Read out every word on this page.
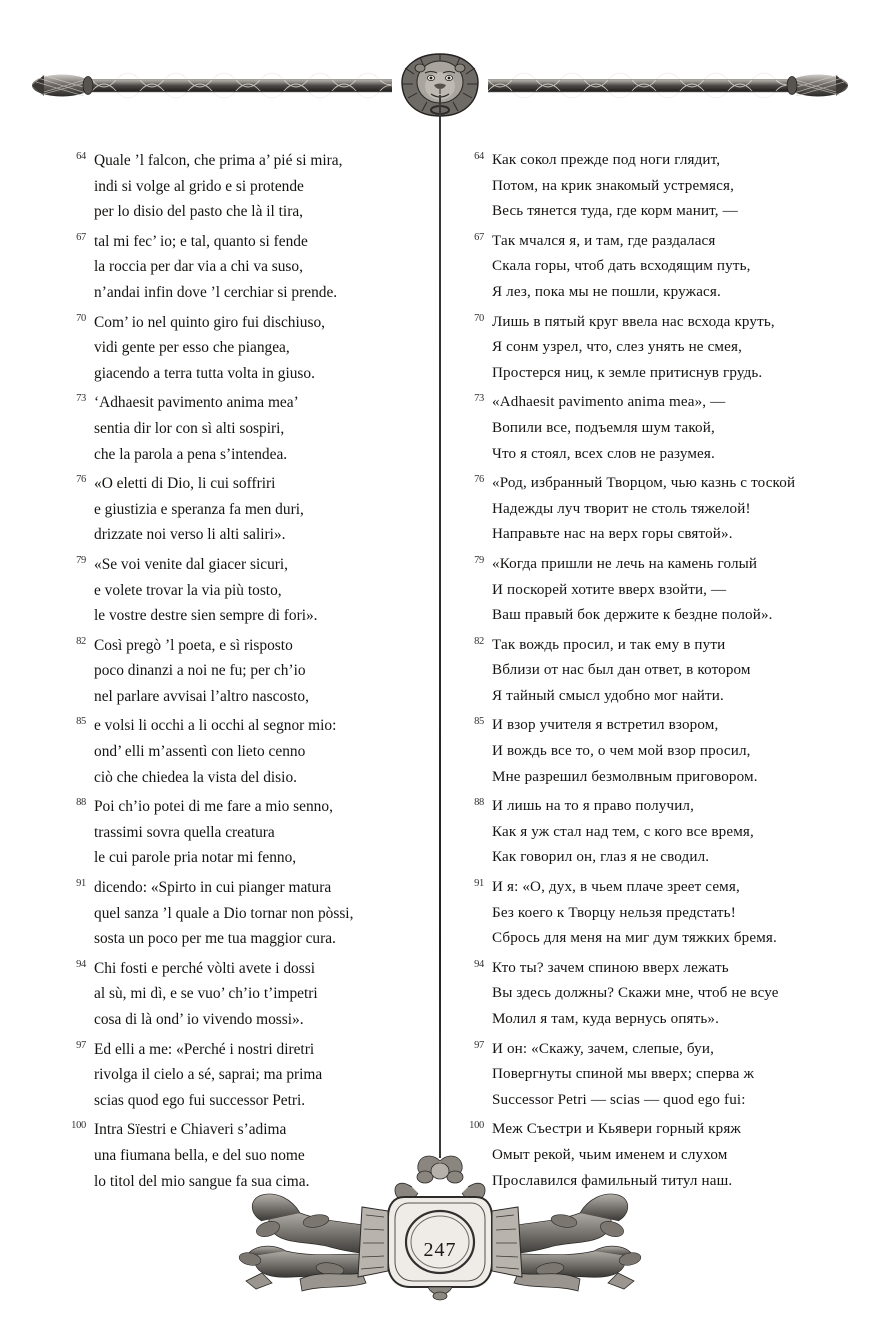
64 Quale ’l falcon, che prima a’ pié si mira,
indi si volge al grido e si protende
per lo disio del pasto che là il tira,
67 tal mi fec’ io; e tal, quanto si fende
la roccia per dar via a chi va suso,
n’andai infin dove ’l cerchiar si prende.
70 Com’ io nel quinto giro fui dischiuso,
vidi gente per esso che piangea,
giacendo a terra tutta volta in giuso.
73 ‘Adhaesit pavimento anima mea’
sentia dir lor con sì alti sospiri,
che la parola a pena s’intendea.
76 «O eletti di Dio, li cui soffriri
e giustizia e speranza fa men duri,
drizzate noi verso li alti saliri».
79 «Se voi venite dal giacer sicuri,
e volete trovar la via più tosto,
le vostre destre sien sempre di fori».
82 Così pregò ’l poeta, e sì risposto
poco dinanzi a noi ne fu; per ch’io
nel parlare avvisai l’altro nascosto,
85 e volsi li occhi a li occhi al segnor mio:
ond’ elli m’assentì con lieto cenno
ciò che chiedea la vista del disio.
88 Poi ch’io potei di me fare a mio senno,
trassimi sovra quella creatura
le cui parole pria notar mi fenno,
91 dicendo: «Spirto in cui pianger matura
quel sanza ’l quale a Dio tornar non pòssi,
sosta un poco per me tua maggior cura.
94 Chi fosti e perché vòlti avete i dossi
al sù, mi dì, e se vuo’ ch’io t’impetri
cosa di là ond’ io vivendo mossi».
97 Ed elli a me: «Perché i nostri diretri
rivolga il cielo a sé, saprai; ma prima
scias quod ego fui successor Petri.
100 Intra Sïestri e Chiaveri s’adima
una fiumana bella, e del suo nome
lo titol del mio sangue fa sua cima.
64 Как сокол прежде под ноги глядит,
Потом, на крик знакомый устремяся,
Весь тянется туда, где корм манит, —
67 Так мчался я, и там, где раздалася
Скала горы, чтоб дать всходящим путь,
Я лез, пока мы не пошли, кружася.
70 Лишь в пятый круг ввела нас всхода круть,
Я сонм узрел, что, слез унять не смея,
Простерся ниц, к земле притиснув грудь.
73 «Adhaesit pavimento anima mea», —
Вопили все, подъемля шум такой,
Что я стоял, всех слов не разумея.
76 «Род, избранный Творцом, чью казнь с тоской
Надежды луч творит не столь тяжелой!
Направьте нас на верх горы святой».
79 «Когда пришли не лечь на камень голый
И поскорей хотите вверх взойти, —
Ваш правый бок держите к бездне полой».
82 Так вождь просил, и так ему в пути
Вблизи от нас был дан ответ, в котором
Я тайный смысл удобно мог найти.
85 И взор учителя я встретил взором,
И вождь все то, о чем мой взор просил,
Мне разрешил безмолвным приговором.
88 И лишь на то я право получил,
Как я уж стал над тем, с кого все время,
Как говорил он, глаз я не сводил.
91 И я: «О, дух, в чьем плаче зреет семя,
Без коего к Творцу нельзя предстать!
Сбрось для меня на миг дум тяжких бремя.
94 Кто ты? зачем спиною вверх лежать
Вы здесь должны? Скажи мне, чтоб не всуе
Молил я там, куда вернусь опять».
97 И он: «Скажу, зачем, слепые, буи,
Повергнуты спиной мы вверх; сперва ж
Successor Petri — scias — quod ego fui:
100 Меж Съестри и Кьявери горный кряж
Омыт рекой, чьим именем и слухом
Прославился фамильный титул наш.
247
